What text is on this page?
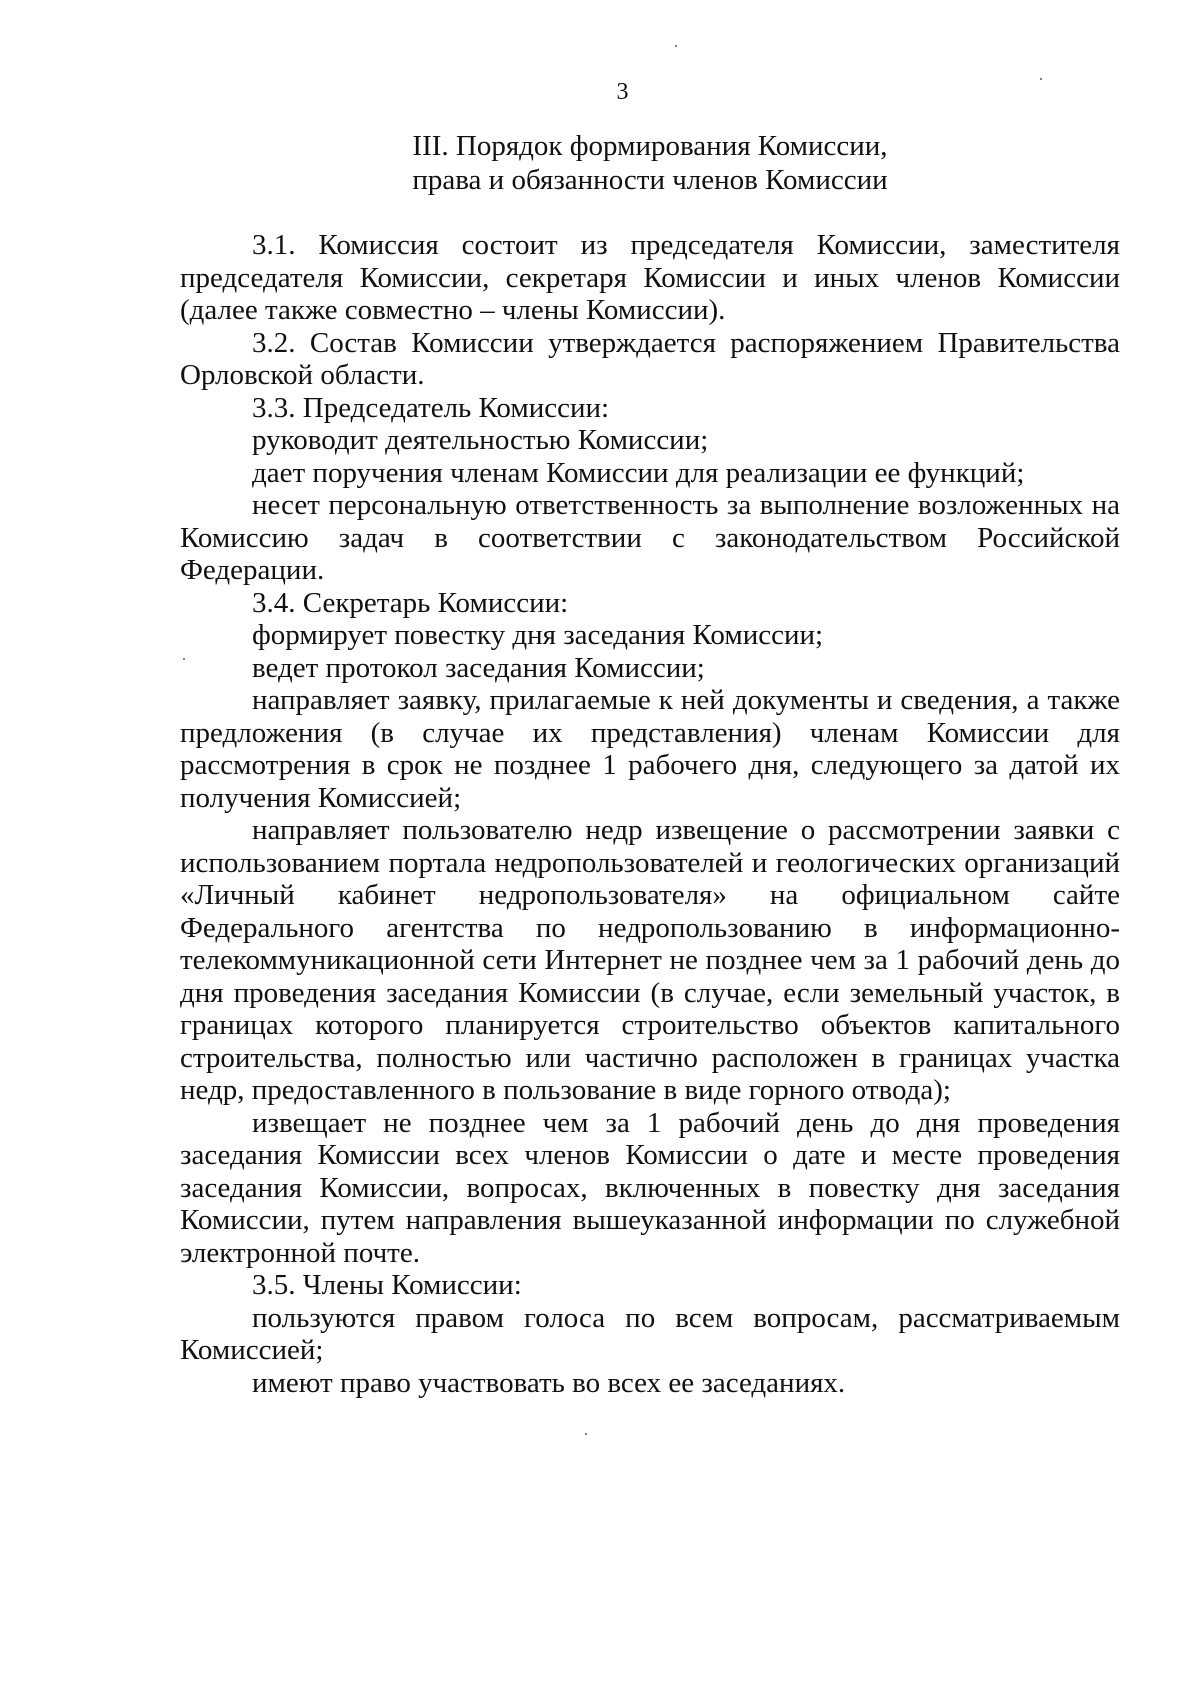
3
III. Порядок формирования Комиссии,
права и обязанности членов Комиссии

3.1. Комиссия состоит из председателя Комиссии, заместителя председателя Комиссии, секретаря Комиссии и иных членов Комиссии (далее также совместно – члены Комиссии).

3.2. Состав Комиссии утверждается распоряжением Правительства Орловской области.

3.3. Председатель Комиссии:

руководит деятельностью Комиссии;

дает поручения членам Комиссии для реализации ее функций;

несет персональную ответственность за выполнение возложенных на Комиссию задач в соответствии с законодательством Российской Федерации.

3.4. Секретарь Комиссии:

формирует повестку дня заседания Комиссии;

ведет протокол заседания Комиссии;

направляет заявку, прилагаемые к ней документы и сведения, а также предложения (в случае их представления) членам Комиссии для рассмотрения в срок не позднее 1 рабочего дня, следующего за датой их получения Комиссией;

направляет пользователю недр извещение о рассмотрении заявки с использованием портала недропользователей и геологических организаций «Личный кабинет недропользователя» на официальном сайте Федерального агентства по недропользованию в информационно-телекоммуникационной сети Интернет не позднее чем за 1 рабочий день до дня проведения заседания Комиссии (в случае, если земельный участок, в границах которого планируется строительство объектов капитального строительства, полностью или частично расположен в границах участка недр, предоставленного в пользование в виде горного отвода);

извещает не позднее чем за 1 рабочий день до дня проведения заседания Комиссии всех членов Комиссии о дате и месте проведения заседания Комиссии, вопросах, включенных в повестку дня заседания Комиссии, путем направления вышеуказанной информации по служебной электронной почте.

3.5. Члены Комиссии:

пользуются правом голоса по всем вопросам, рассматриваемым Комиссией;

имеют право участвовать во всех ее заседаниях.
